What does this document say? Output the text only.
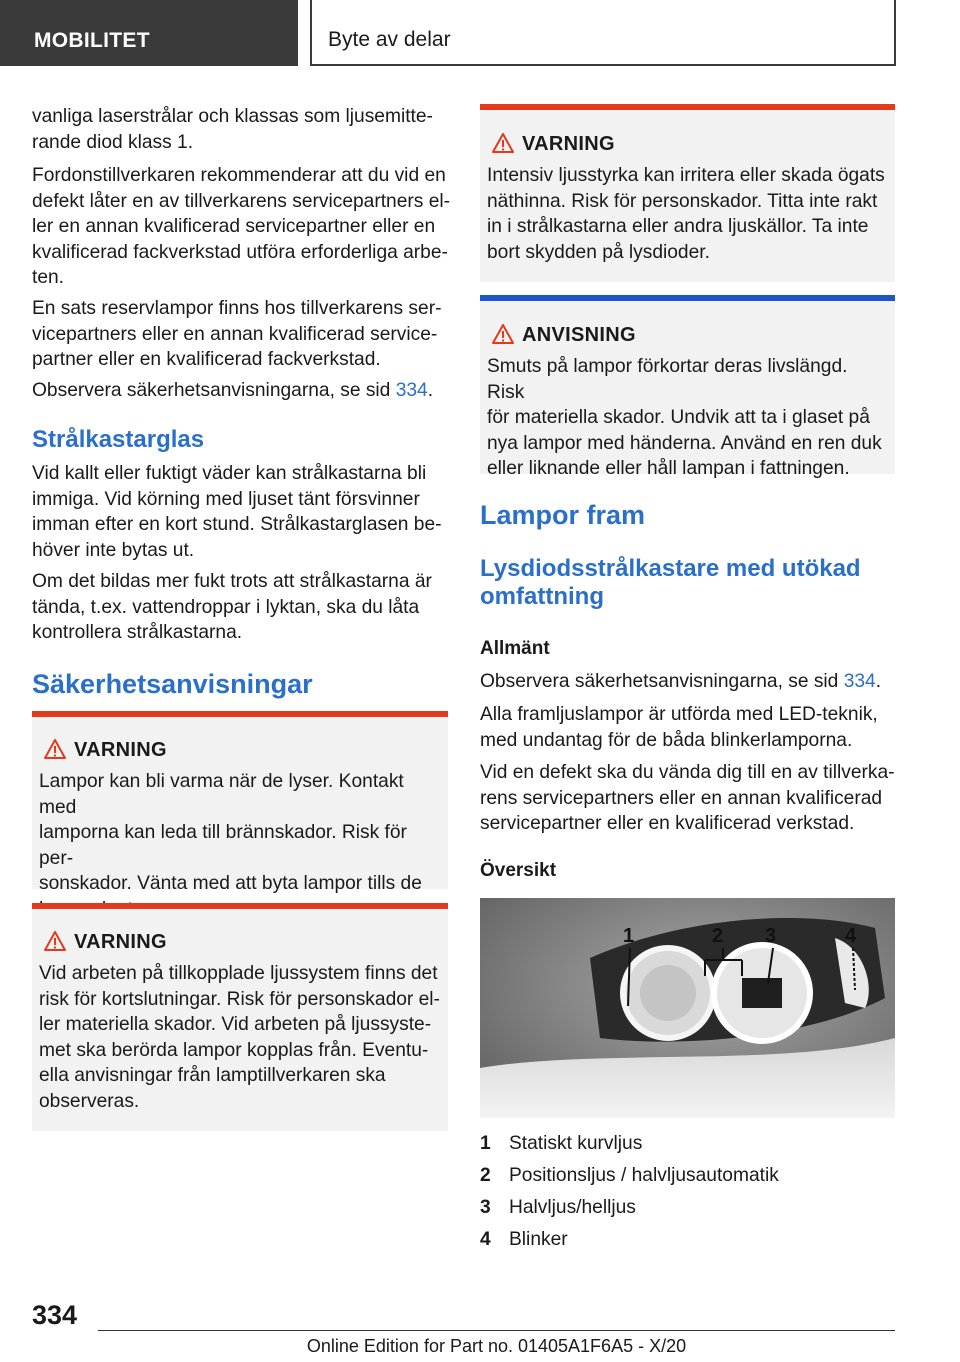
MOBILITET	Byte av delar

vanliga laserstrålar och klassas som ljusemitte-
rande diod klass 1.

Fordonstillverkaren rekommenderar att du vid en
defekt låter en av tillverkarens servicepartners el-
ler en annan kvalificerad servicepartner eller en
kvalificerad fackverkstad utföra erforderliga arbe-
ten.

En sats reservlampor finns hos tillverkarens ser-
vicepartners eller en annan kvalificerad service-
partner eller en kvalificerad fackverkstad.

Observera säkerhetsanvisningarna, se sid 334.

Strålkastarglas

Vid kallt eller fuktigt väder kan strålkastarna bli
immiga. Vid körning med ljuset tänt försvinner
imman efter en kort stund. Strålkastarglasen be-
höver inte bytas ut.

Om det bildas mer fukt trots att strålkastarna är
tända, t.ex. vattendroppar i lyktan, ska du låta
kontrollera strålkastarna.

Säkerhetsanvisningar
VARNING
Lampor kan bli varma när de lyser. Kontakt med
lamporna kan leda till brännskador. Risk för per-
sonskador. Vänta med att byta lampor tills de

VARNING
Vid arbeten på tillkopplade ljussystem finns det
risk för kortslutningar. Risk för personskador el-
ler materiella skador. Vid arbeten på ljussyste-
met ska berörda lampor kopplas från. Eventu-
ella anvisningar från lamptillverkaren ska
observeras.
VARNING
Intensiv ljusstyrka kan irritera eller skada ögats
näthinna. Risk för personskador. Titta inte rakt
in i strålkastarna eller andra ljuskällor. Ta inte
bort skydden på lysdioder.
ANVISNING
Smuts på lampor förkortar deras livslängd. Risk
för materiella skador. Undvik att ta i glaset på
nya lampor med händerna. Använd en ren duk
eller liknande eller håll lampan i fattningen.
Lampor fram
Lysdiodsstrålkastare med utökad
omfattning
Allmänt

Observera säkerhetsanvisningarna, se sid 334.

Alla framljuslampor är utförda med LED-teknik,
med undantag för de båda blinkerlamporna.

Vid en defekt ska du vända dig till en av tillverka-
rens servicepartners eller en annan kvalificerad
servicepartner eller en kvalificerad verkstad.

Översikt
1	2 3	4
1 Statiskt kurvljus
2 Positionsljus / halvljusautomatik
3 Halvljus/helljus
4 Blinker
334
Online Edition for Part no. 01405A1F6A5 - X/20
